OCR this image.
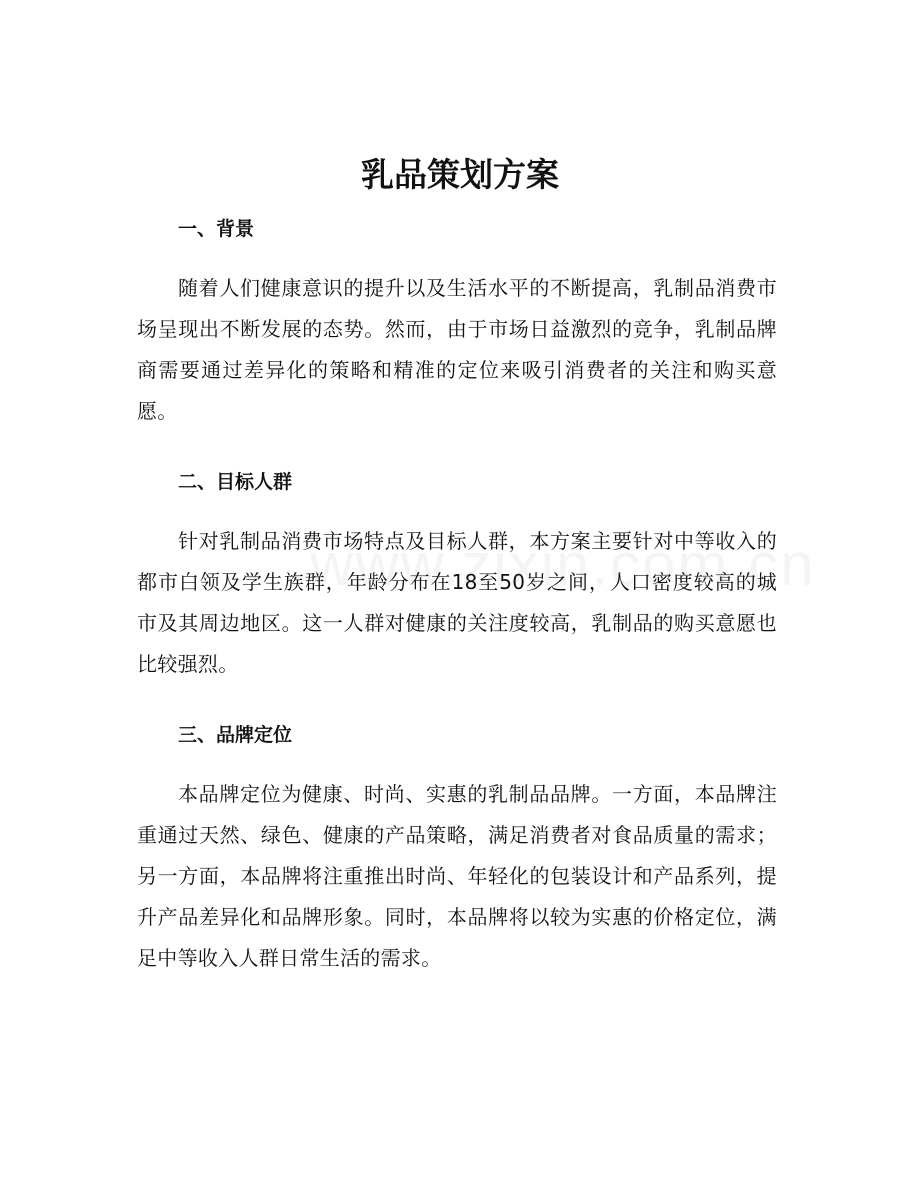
乳品策划方案
一、背景

随着人们健康意识的提升以及生活水平的不断提高，乳制品消费市场呈现出不断发展的态势。然而，由于市场日益激烈的竞争，乳制品牌商需要通过差异化的策略和精准的定位来吸引消费者的关注和购买意愿。

二、目标人群

针对乳制品消费市场特点及目标人群，本方案主要针对中等收入的都市白领及学生族群，年龄分布在18至50岁之间，人口密度较高的城市及其周边地区。这一人群对健康的关注度较高，乳制品的购买意愿也比较强烈。

三、品牌定位

本品牌定位为健康、时尚、实惠的乳制品品牌。一方面，本品牌注重通过天然、绿色、健康的产品策略，满足消费者对食品质量的需求；另一方面，本品牌将注重推出时尚、年轻化的包装设计和产品系列，提升产品差异化和品牌形象。同时，本品牌将以较为实惠的价格定位，满足中等收入人群日常生活的需求。
